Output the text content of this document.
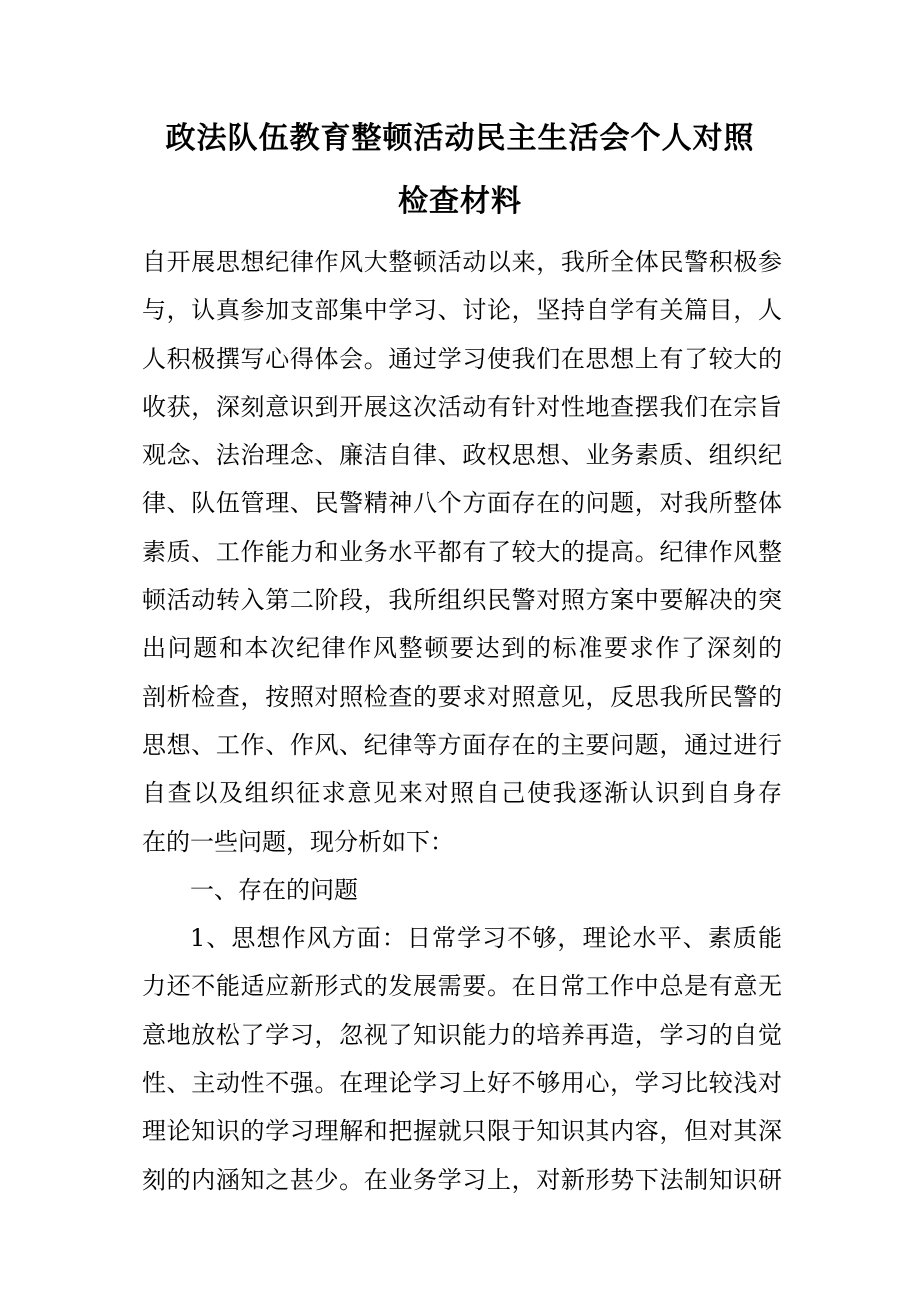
政法队伍教育整顿活动民主生活会个人对照
检查材料
自开展思想纪律作风大整顿活动以来，我所全体民警积极参
与，认真参加支部集中学习、讨论，坚持自学有关篇目，人
人积极撰写心得体会。通过学习使我们在思想上有了较大的
收获，深刻意识到开展这次活动有针对性地查摆我们在宗旨
观念、法治理念、廉洁自律、政权思想、业务素质、组织纪
律、队伍管理、民警精神八个方面存在的问题，对我所整体
素质、工作能力和业务水平都有了较大的提高。纪律作风整
顿活动转入第二阶段，我所组织民警对照方案中要解决的突
出问题和本次纪律作风整顿要达到的标准要求作了深刻的
剖析检查，按照对照检查的要求对照意见，反思我所民警的
思想、工作、作风、纪律等方面存在的主要问题，通过进行
自查以及组织征求意见来对照自己使我逐渐认识到自身存
在的一些问题，现分析如下：
一、存在的问题
1、思想作风方面：日常学习不够，理论水平、素质能
力还不能适应新形式的发展需要。在日常工作中总是有意无
意地放松了学习，忽视了知识能力的培养再造，学习的自觉
性、主动性不强。在理论学习上好不够用心，学习比较浅对
理论知识的学习理解和把握就只限于知识其内容，但对其深
刻的内涵知之甚少。在业务学习上，对新形势下法制知识研
